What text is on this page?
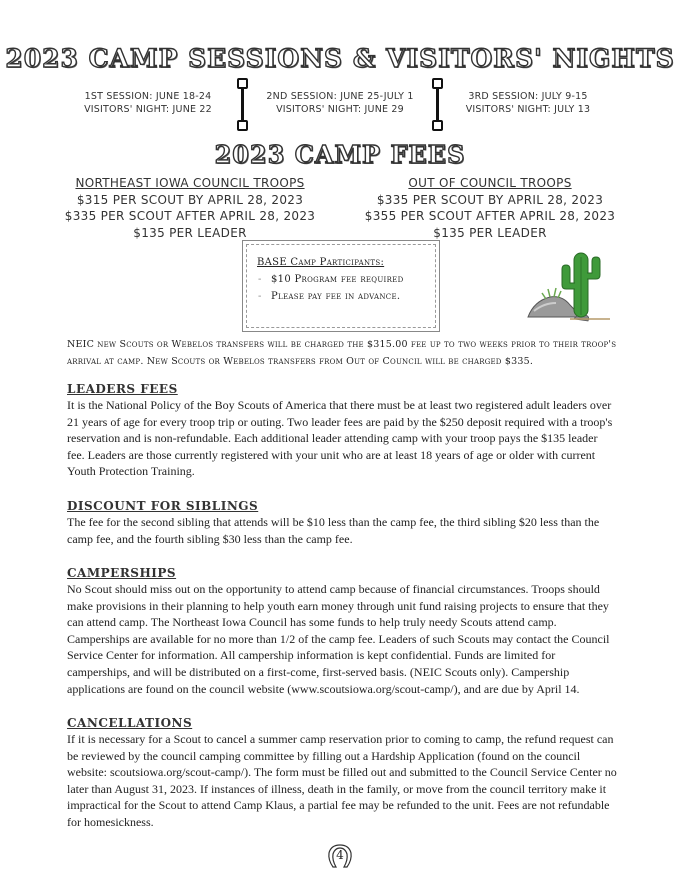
2023 CAMP SESSIONS & VISITORS' NIGHTS
1ST SESSION: JUNE 18-24
VISITORS' NIGHT: JUNE 22
2ND SESSION: JUNE 25-JULY 1
VISITORS' NIGHT: JUNE 29
3RD SESSION: JULY 9-15
VISITORS' NIGHT: JULY 13
2023 CAMP FEES
NORTHEAST IOWA COUNCIL TROOPS
$315 PER SCOUT BY APRIL 28, 2023
$335 PER SCOUT AFTER APRIL 28, 2023
$135 PER LEADER
OUT OF COUNCIL TROOPS
$335 PER SCOUT BY APRIL 28, 2023
$355 PER SCOUT AFTER APRIL 28, 2023
$135 PER LEADER
BASE Camp Participants:
- $10 Program fee required
- Please pay fee in advance.
NEIC new Scouts or Webelos transfers will be charged the $315.00 fee up to two weeks prior to their troop's arrival at camp. New Scouts or Webelos transfers from Out of Council will be charged $335.
LEADERS FEES

It is the National Policy of the Boy Scouts of America that there must be at least two registered adult leaders over 21 years of age for every troop trip or outing. Two leader fees are paid by the $250 deposit required with a troop's reservation and is non-refundable. Each additional leader attending camp with your troop pays the $135 leader fee. Leaders are those currently registered with your unit who are at least 18 years of age or older with current Youth Protection Training.

DISCOUNT FOR SIBLINGS

The fee for the second sibling that attends will be $10 less than the camp fee, the third sibling $20 less than the camp fee, and the fourth sibling $30 less than the camp fee.

CAMPERSHIPS

No Scout should miss out on the opportunity to attend camp because of financial circumstances. Troops should make provisions in their planning to help youth earn money through unit fund raising projects to ensure that they can attend camp. The Northeast Iowa Council has some funds to help truly needy Scouts attend camp. Camperships are available for no more than 1/2 of the camp fee. Leaders of such Scouts may contact the Council Service Center for information. All campership information is kept confidential. Funds are limited for camperships, and will be distributed on a first-come, first-served basis. (NEIC Scouts only). Campership applications are found on the council website (www.scoutsiowa.org/scout-camp/), and are due by April 14.

CANCELLATIONS

If it is necessary for a Scout to cancel a summer camp reservation prior to coming to camp, the refund request can be reviewed by the council camping committee by filling out a Hardship Application (found on the council website: scoutsiowa.org/scout-camp/). The form must be filled out and submitted to the Council Service Center no later than August 31, 2023. If instances of illness, death in the family, or move from the council territory make it impractical for the Scout to attend Camp Klaus, a partial fee may be refunded to the unit. Fees are not refundable for homesickness.

4
